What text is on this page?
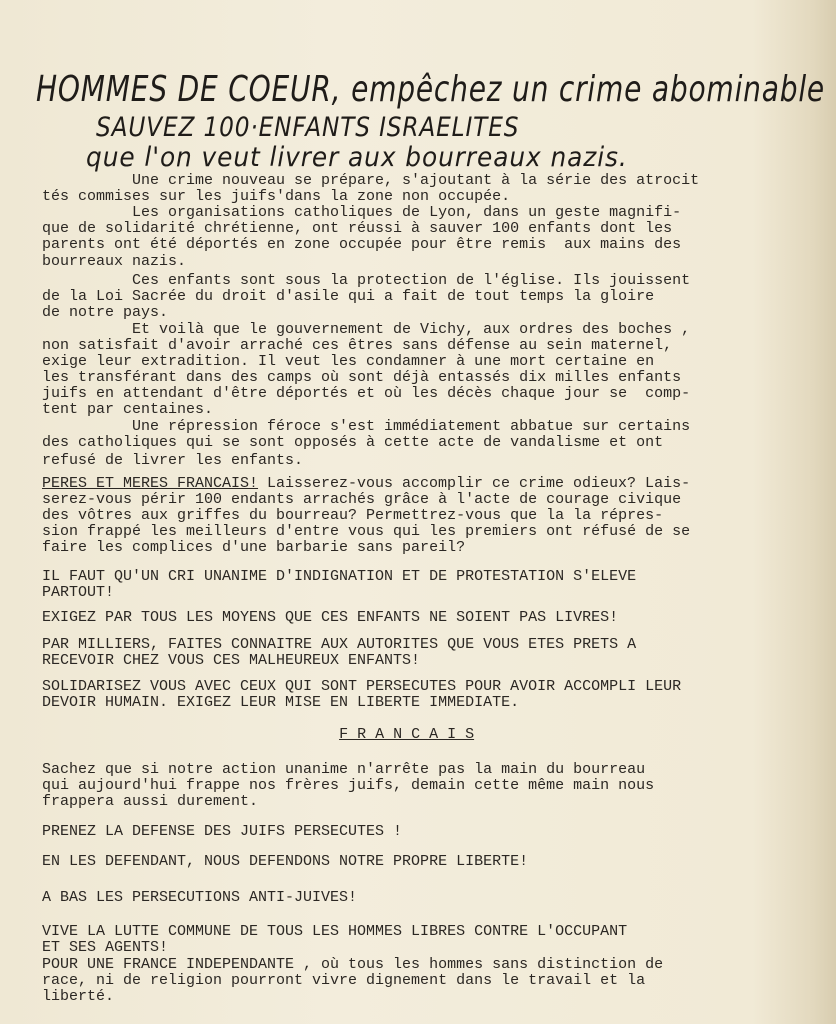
HOMMES DE COEUR, empêchez un crime abominable
SAUVEZ 100·ENFANTS ISRAELITES
que l'on veut livrer aux bourreaux nazis.
Une crime nouveau se prépare, s'ajoutant à la série des atrocit
tés commises sur les juifs'dans la zone non occupée.
Les organisations catholiques de Lyon, dans un geste magnifi-
que de solidarité chrétienne, ont réussi à sauver 100 enfants dont les
parents ont été déportés en zone occupée pour être remis  aux mains des
bourreaux nazis.
Ces enfants sont sous la protection de l'église. Ils jouissent
de la Loi Sacrée du droit d'asile qui a fait de tout temps la gloire
de notre pays.
Et voilà que le gouvernement de Vichy, aux ordres des boches ,
non satisfait d'avoir arraché ces êtres sans défense au sein maternel,
exige leur extradition. Il veut les condamner à une mort certaine en
les transférant dans des camps où sont déjà entassés dix milles enfants
juifs en attendant d'être déportés et où les décès chaque jour se  comp-
tent par centaines.
Une répression féroce s'est immédiatement abbatue sur certains
des catholiques qui se sont opposés à cette acte de vandalisme et ont
refusé de livrer les enfants.
PERES ET MERES FRANCAIS! Laisserez-vous accomplir ce crime odieux? Lais-
serez-vous périr 100 endants arrachés grâce à l'acte de courage civique
des vôtres aux griffes du bourreau? Permettrez-vous que la la répres-
sion frappé les meilleurs d'entre vous qui les premiers ont réfusé de se
faire les complices d'une barbarie sans pareil?
IL FAUT QU'UN CRI UNANIME D'INDIGNATION ET DE PROTESTATION S'ELEVE
PARTOUT!
EXIGEZ PAR TOUS LES MOYENS QUE CES ENFANTS NE SOIENT PAS LIVRES!
PAR MILLIERS, FAITES CONNAITRE AUX AUTORITES QUE VOUS ETES PRETS A
RECEVOIR CHEZ VOUS CES MALHEUREUX ENFANTS!
SOLIDARISEZ VOUS AVEC CEUX QUI SONT PERSECUTES POUR AVOIR ACCOMPLI LEUR
DEVOIR HUMAIN. EXIGEZ LEUR MISE EN LIBERTE IMMEDIATE.
F R A N C A I S
Sachez que si notre action unanime n'arrête pas la main du bourreau
qui aujourd'hui frappe nos frères juifs, demain cette même main nous
frappera aussi durement.
PRENEZ LA DEFENSE DES JUIFS PERSECUTES !
EN LES DEFENDANT, NOUS DEFENDONS NOTRE PROPRE LIBERTE!
A BAS LES PERSECUTIONS ANTI-JUIVES!
VIVE LA LUTTE COMMUNE DE TOUS LES HOMMES LIBRES CONTRE L'OCCUPANT
ET SES AGENTS!
POUR UNE FRANCE INDEPENDANTE , où tous les hommes sans distinction de
race, ni de religion pourront vivre dignement dans le travail et la
liberté.
